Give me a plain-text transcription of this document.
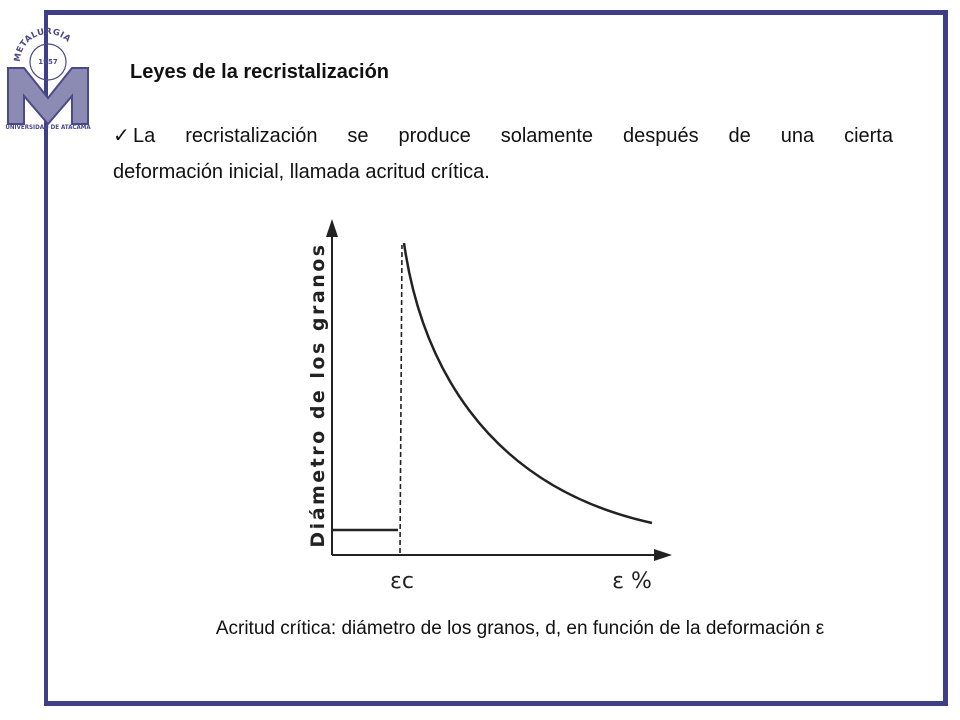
METALURGIA
1957
UNIVERSIDAD DE ATACAMA
Leyes de la recristalización
✓ La recristalización se produce solamente después de una cierta
deformación inicial, llamada acritud crítica.
Diámetro de los granos
εc	ε %
Acritud crítica: diámetro de los granos, d, en función de la deformación ε
